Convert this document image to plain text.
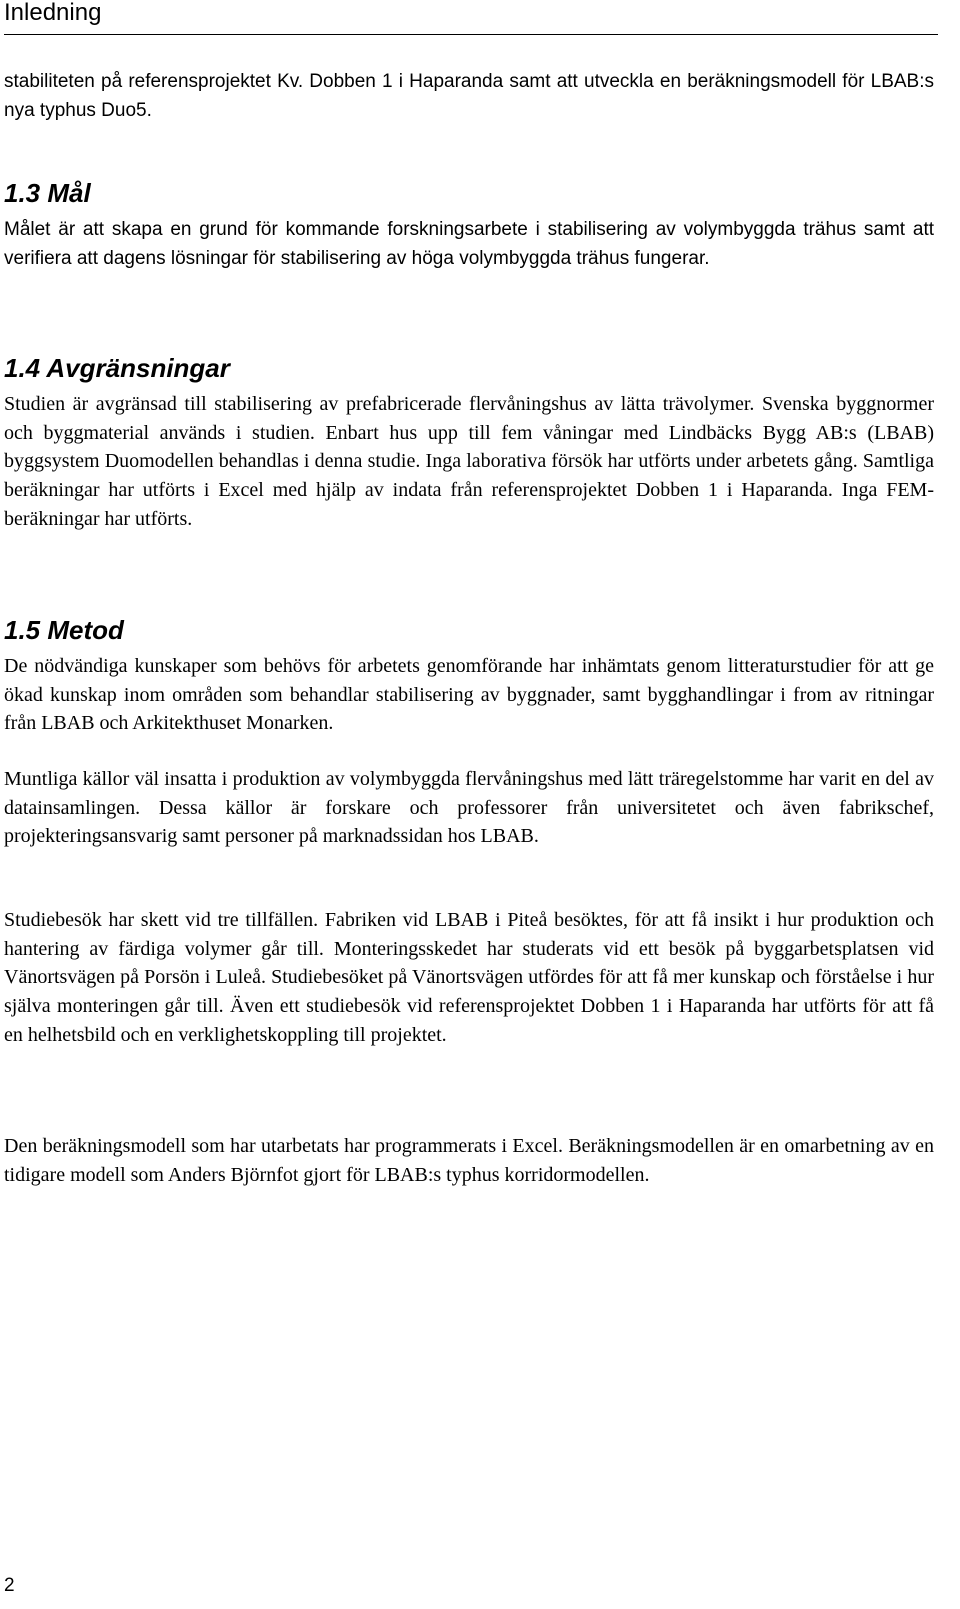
Inledning

stabiliteten på referensprojektet Kv. Dobben 1 i Haparanda samt att utveckla en beräkningsmodell för LBAB:s nya typhus Duo5.

1.3 Mål

Målet är att skapa en grund för kommande forskningsarbete i stabilisering av volymbyggda trähus samt att verifiera att dagens lösningar för stabilisering av höga volymbyggda trähus fungerar.

1.4 Avgränsningar

Studien är avgränsad till stabilisering av prefabricerade flervåningshus av lätta trävolymer. Svenska byggnormer och byggmaterial används i studien. Enbart hus upp till fem våningar med Lindbäcks Bygg AB:s (LBAB) byggsystem Duomodellen behandlas i denna studie. Inga laborativa försök har utförts under arbetets gång. Samtliga beräkningar har utförts i Excel med hjälp av indata från referensprojektet Dobben 1 i Haparanda. Inga FEM-beräkningar har utförts.

1.5 Metod

De nödvändiga kunskaper som behövs för arbetets genomförande har inhämtats genom litteraturstudier för att ge ökad kunskap inom områden som behandlar stabilisering av byggnader, samt bygghandlingar i from av ritningar från LBAB och Arkitekthuset Monarken.

Muntliga källor väl insatta i produktion av volymbyggda flervåningshus med lätt träregelstomme har varit en del av datainsamlingen. Dessa källor är forskare och professorer från universitetet och även fabrikschef, projekteringsansvarig samt personer på marknadssidan hos LBAB.

Studiebesök har skett vid tre tillfällen. Fabriken vid LBAB i Piteå besöktes, för att få insikt i hur produktion och hantering av färdiga volymer går till. Monteringsskedet har studerats vid ett besök på byggarbetsplatsen vid Vänortsvägen på Porsön i Luleå. Studiebesöket på Vänortsvägen utfördes för att få mer kunskap och förståelse i hur själva monteringen går till. Även ett studiebesök vid referensprojektet Dobben 1 i Haparanda har utförts för att få en helhetsbild och en verklighetskoppling till projektet.

Den beräkningsmodell som har utarbetats har programmerats i Excel. Beräkningsmodellen är en omarbetning av en tidigare modell som Anders Björnfot gjort för LBAB:s typhus korridormodellen.

2
